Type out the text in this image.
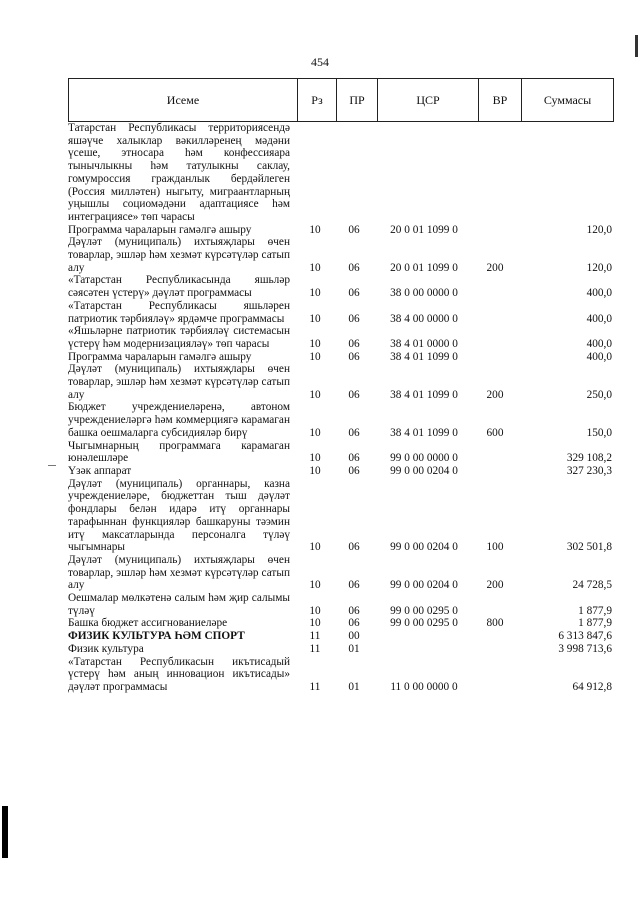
454
Исеме	Рз	ПР	ЦСР	ВР	Суммасы
Татарстан Республикасы территориясендә яшәүче халыклар вәкилләренең мәдәни үсеше, этносара һәм конфессияара тынычлыкны һәм татулыкны саклау, гомумроссия гражданлык бердәйлеген (Россия милләтен) ныгыту, миграантларның уңышлы социомәдәни адаптациясе һәм интеграциясе» төп чарасы
Программа чараларын гамәлгә ашыру	10	06	20 0 01 1099 0	120,0
Дәүләт (муниципаль) ихтыяҗлары өчен товарлар, эшләр һәм хезмәт күрсәтүләр сатып алу	10	06	20 0 01 1099 0	200	120,0
«Татарстан Республикасында яшьләр сәясәтен үстерү» дәүләт программасы	10	06	38 0 00 0000 0	400,0
«Татарстан Республикасы яшьләрен патриотик тәрбияләү» ярдәмче программасы	10	06	38 4 00 0000 0	400,0
«Яшьләрне патриотик тәрбияләү системасын үстерү һәм модернизацияләү» төп чарасы	10	06	38 4 01 0000 0	400,0
Программа чараларын гамәлгә ашыру	10	06	38 4 01 1099 0	400,0
Дәүләт (муниципаль) ихтыяҗлары өчен товарлар, эшләр һәм хезмәт күрсәтүләр сатып алу	10	06	38 4 01 1099 0	200	250,0
Бюджет учреждениеләренә, автоном учреждениеләргә һәм коммерциягә карамаган башка оешмаларга субсидияләр бирү	10	06	38 4 01 1099 0	600	150,0
Чыгымнарның программага карамаган юнәлешләре	10	06	99 0 00 0000 0	329 108,2
Үзәк аппарат	10	06	99 0 00 0204 0	327 230,3
Дәүләт (муниципаль) органнары, казна учреждениеләре, бюджеттан тыш дәүләт фондлары белән идарә итү органнары тарафыннан функцияләр башкаруны тәэмин итү максатларында персоналга түләү чыгымнары	10	06	99 0 00 0204 0	100	302 501,8
Дәүләт (муниципаль) ихтыяҗлары өчен товарлар, эшләр һәм хезмәт күрсәтүләр сатып алу	10	06	99 0 00 0204 0	200	24 728,5
Оешмалар мөлкәтенә салым һәм җир салымы түләү	10	06	99 0 00 0295 0	1 877,9
Башка бюджет ассигнованиеләре	10	06	99 0 00 0295 0	800	1 877,9
ФИЗИК КУЛЬТУРА ҺӘМ СПОРТ	11	00	6 313 847,6
Физик культура	11	01	3 998 713,6
«Татарстан Республикасын икътисадый үстерү һәм аның инновацион икътисады» дәүләт программасы	11	01	11 0 00 0000 0	64 912,8
